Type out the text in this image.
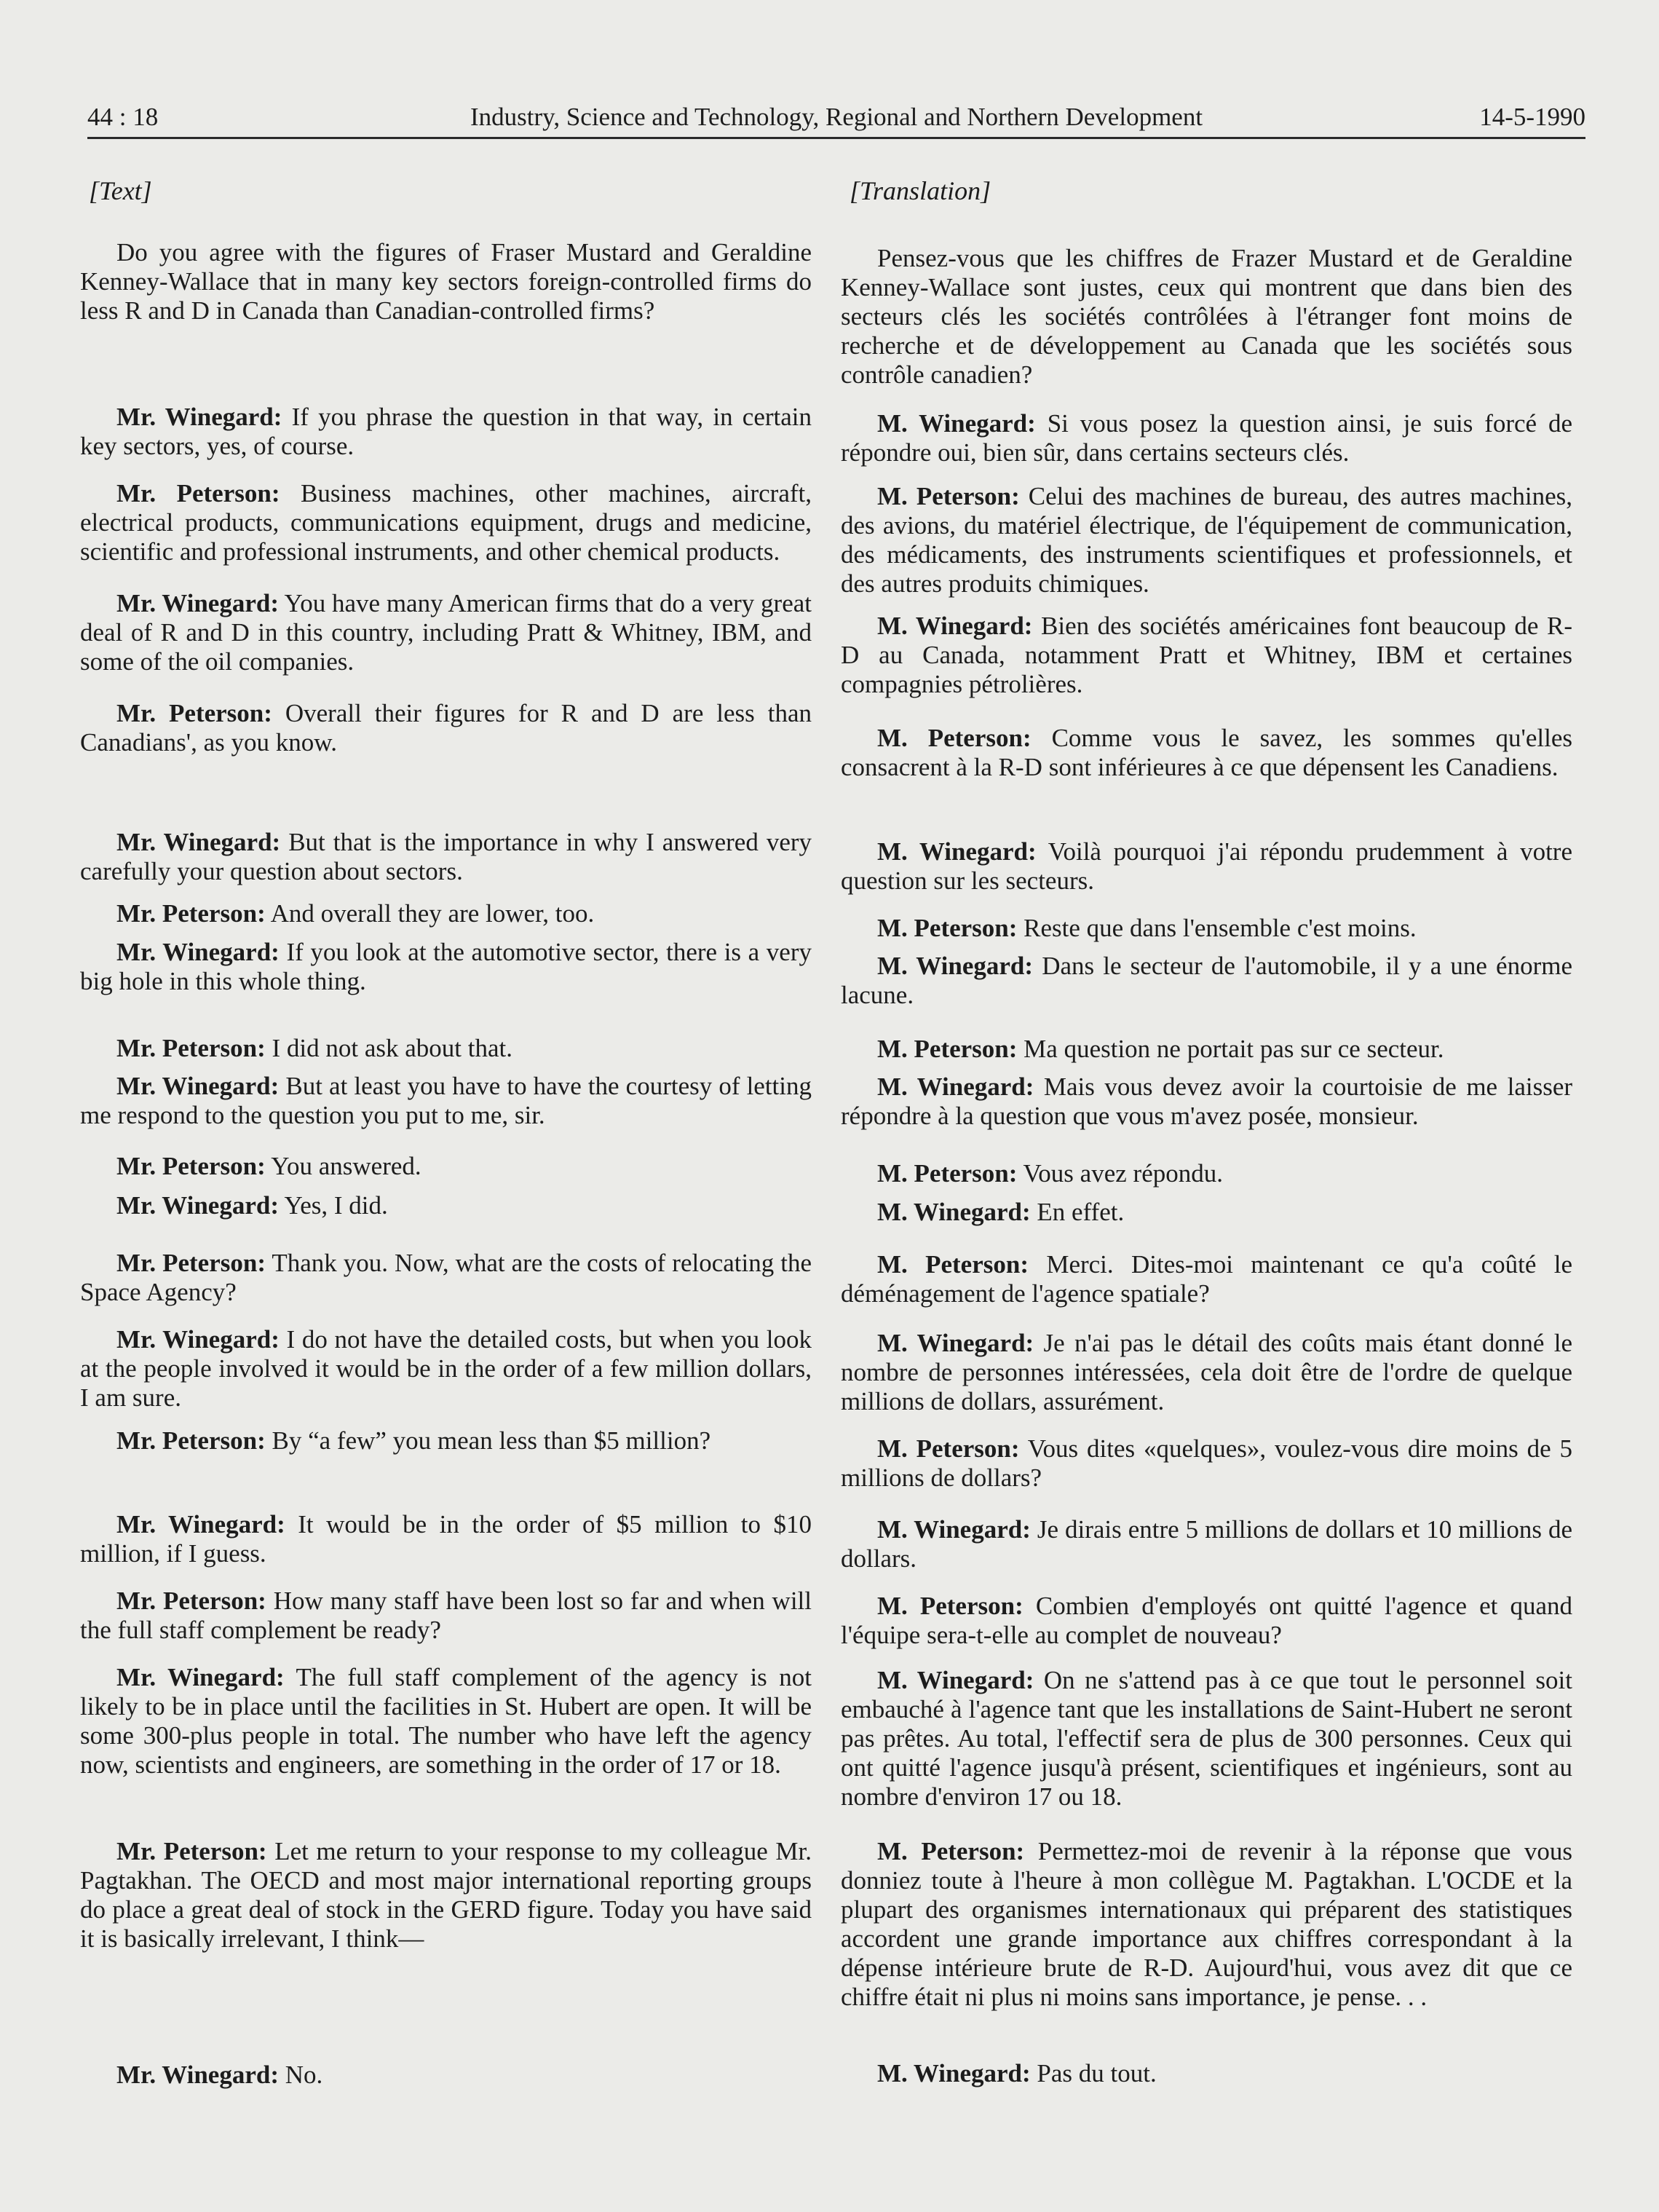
44 : 18	Industry, Science and Technology, Regional and Northern Development	14-5-1990
[Text]

Do you agree with the figures of Fraser Mustard and Geraldine Kenney-Wallace that in many key sectors foreign-controlled firms do less R and D in Canada than Canadian-controlled firms?

Mr. Winegard: If you phrase the question in that way, in certain key sectors, yes, of course.

Mr. Peterson: Business machines, other machines, aircraft, electrical products, communications equipment, drugs and medicine, scientific and professional instruments, and other chemical products.

Mr. Winegard: You have many American firms that do a very great deal of R and D in this country, including Pratt & Whitney, IBM, and some of the oil companies.

Mr. Peterson: Overall their figures for R and D are less than Canadians', as you know.

Mr. Winegard: But that is the importance in why I answered very carefully your question about sectors.

Mr. Peterson: And overall they are lower, too.

Mr. Winegard: If you look at the automotive sector, there is a very big hole in this whole thing.

Mr. Peterson: I did not ask about that.

Mr. Winegard: But at least you have to have the courtesy of letting me respond to the question you put to me, sir.

Mr. Peterson: You answered.

Mr. Winegard: Yes, I did.

Mr. Peterson: Thank you. Now, what are the costs of relocating the Space Agency?

Mr. Winegard: I do not have the detailed costs, but when you look at the people involved it would be in the order of a few million dollars, I am sure.

Mr. Peterson: By “a few” you mean less than $5 million?

Mr. Winegard: It would be in the order of $5 million to $10 million, if I guess.

Mr. Peterson: How many staff have been lost so far and when will the full staff complement be ready?

Mr. Winegard: The full staff complement of the agency is not likely to be in place until the facilities in St. Hubert are open. It will be some 300-plus people in total. The number who have left the agency now, scientists and engineers, are something in the order of 17 or 18.

Mr. Peterson: Let me return to your response to my colleague Mr. Pagtakhan. The OECD and most major international reporting groups do place a great deal of stock in the GERD figure. Today you have said it is basically irrelevant, I think—

Mr. Winegard: No.

[Translation]

Pensez-vous que les chiffres de Frazer Mustard et de Geraldine Kenney-Wallace sont justes, ceux qui montrent que dans bien des secteurs clés les sociétés contrôlées à l'étranger font moins de recherche et de développement au Canada que les sociétés sous contrôle canadien?

M. Winegard: Si vous posez la question ainsi, je suis forcé de répondre oui, bien sûr, dans certains secteurs clés.

M. Peterson: Celui des machines de bureau, des autres machines, des avions, du matériel électrique, de l'équipement de communication, des médicaments, des instruments scientifiques et professionnels, et des autres produits chimiques.

M. Winegard: Bien des sociétés américaines font beaucoup de R-D au Canada, notamment Pratt et Whitney, IBM et certaines compagnies pétrolières.

M. Peterson: Comme vous le savez, les sommes qu'elles consacrent à la R-D sont inférieures à ce que dépensent les Canadiens.

M. Winegard: Voilà pourquoi j'ai répondu prudemment à votre question sur les secteurs.

M. Peterson: Reste que dans l'ensemble c'est moins.

M. Winegard: Dans le secteur de l'automobile, il y a une énorme lacune.

M. Peterson: Ma question ne portait pas sur ce secteur.

M. Winegard: Mais vous devez avoir la courtoisie de me laisser répondre à la question que vous m'avez posée, monsieur.

M. Peterson: Vous avez répondu.

M. Winegard: En effet.

M. Peterson: Merci. Dites-moi maintenant ce qu'a coûté le déménagement de l'agence spatiale?

M. Winegard: Je n'ai pas le détail des coûts mais étant donné le nombre de personnes intéressées, cela doit être de l'ordre de quelque millions de dollars, assurément.

M. Peterson: Vous dites «quelques», voulez-vous dire moins de 5 millions de dollars?

M. Winegard: Je dirais entre 5 millions de dollars et 10 millions de dollars.

M. Peterson: Combien d'employés ont quitté l'agence et quand l'équipe sera-t-elle au complet de nouveau?

M. Winegard: On ne s'attend pas à ce que tout le personnel soit embauché à l'agence tant que les installations de Saint-Hubert ne seront pas prêtes. Au total, l'effectif sera de plus de 300 personnes. Ceux qui ont quitté l'agence jusqu'à présent, scientifiques et ingénieurs, sont au nombre d'environ 17 ou 18.

M. Peterson: Permettez-moi de revenir à la réponse que vous donniez toute à l'heure à mon collègue M. Pagtakhan. L'OCDE et la plupart des organismes internationaux qui préparent des statistiques accordent une grande importance aux chiffres correspondant à la dépense intérieure brute de R-D. Aujourd'hui, vous avez dit que ce chiffre était ni plus ni moins sans importance, je pense. . .

M. Winegard: Pas du tout.
